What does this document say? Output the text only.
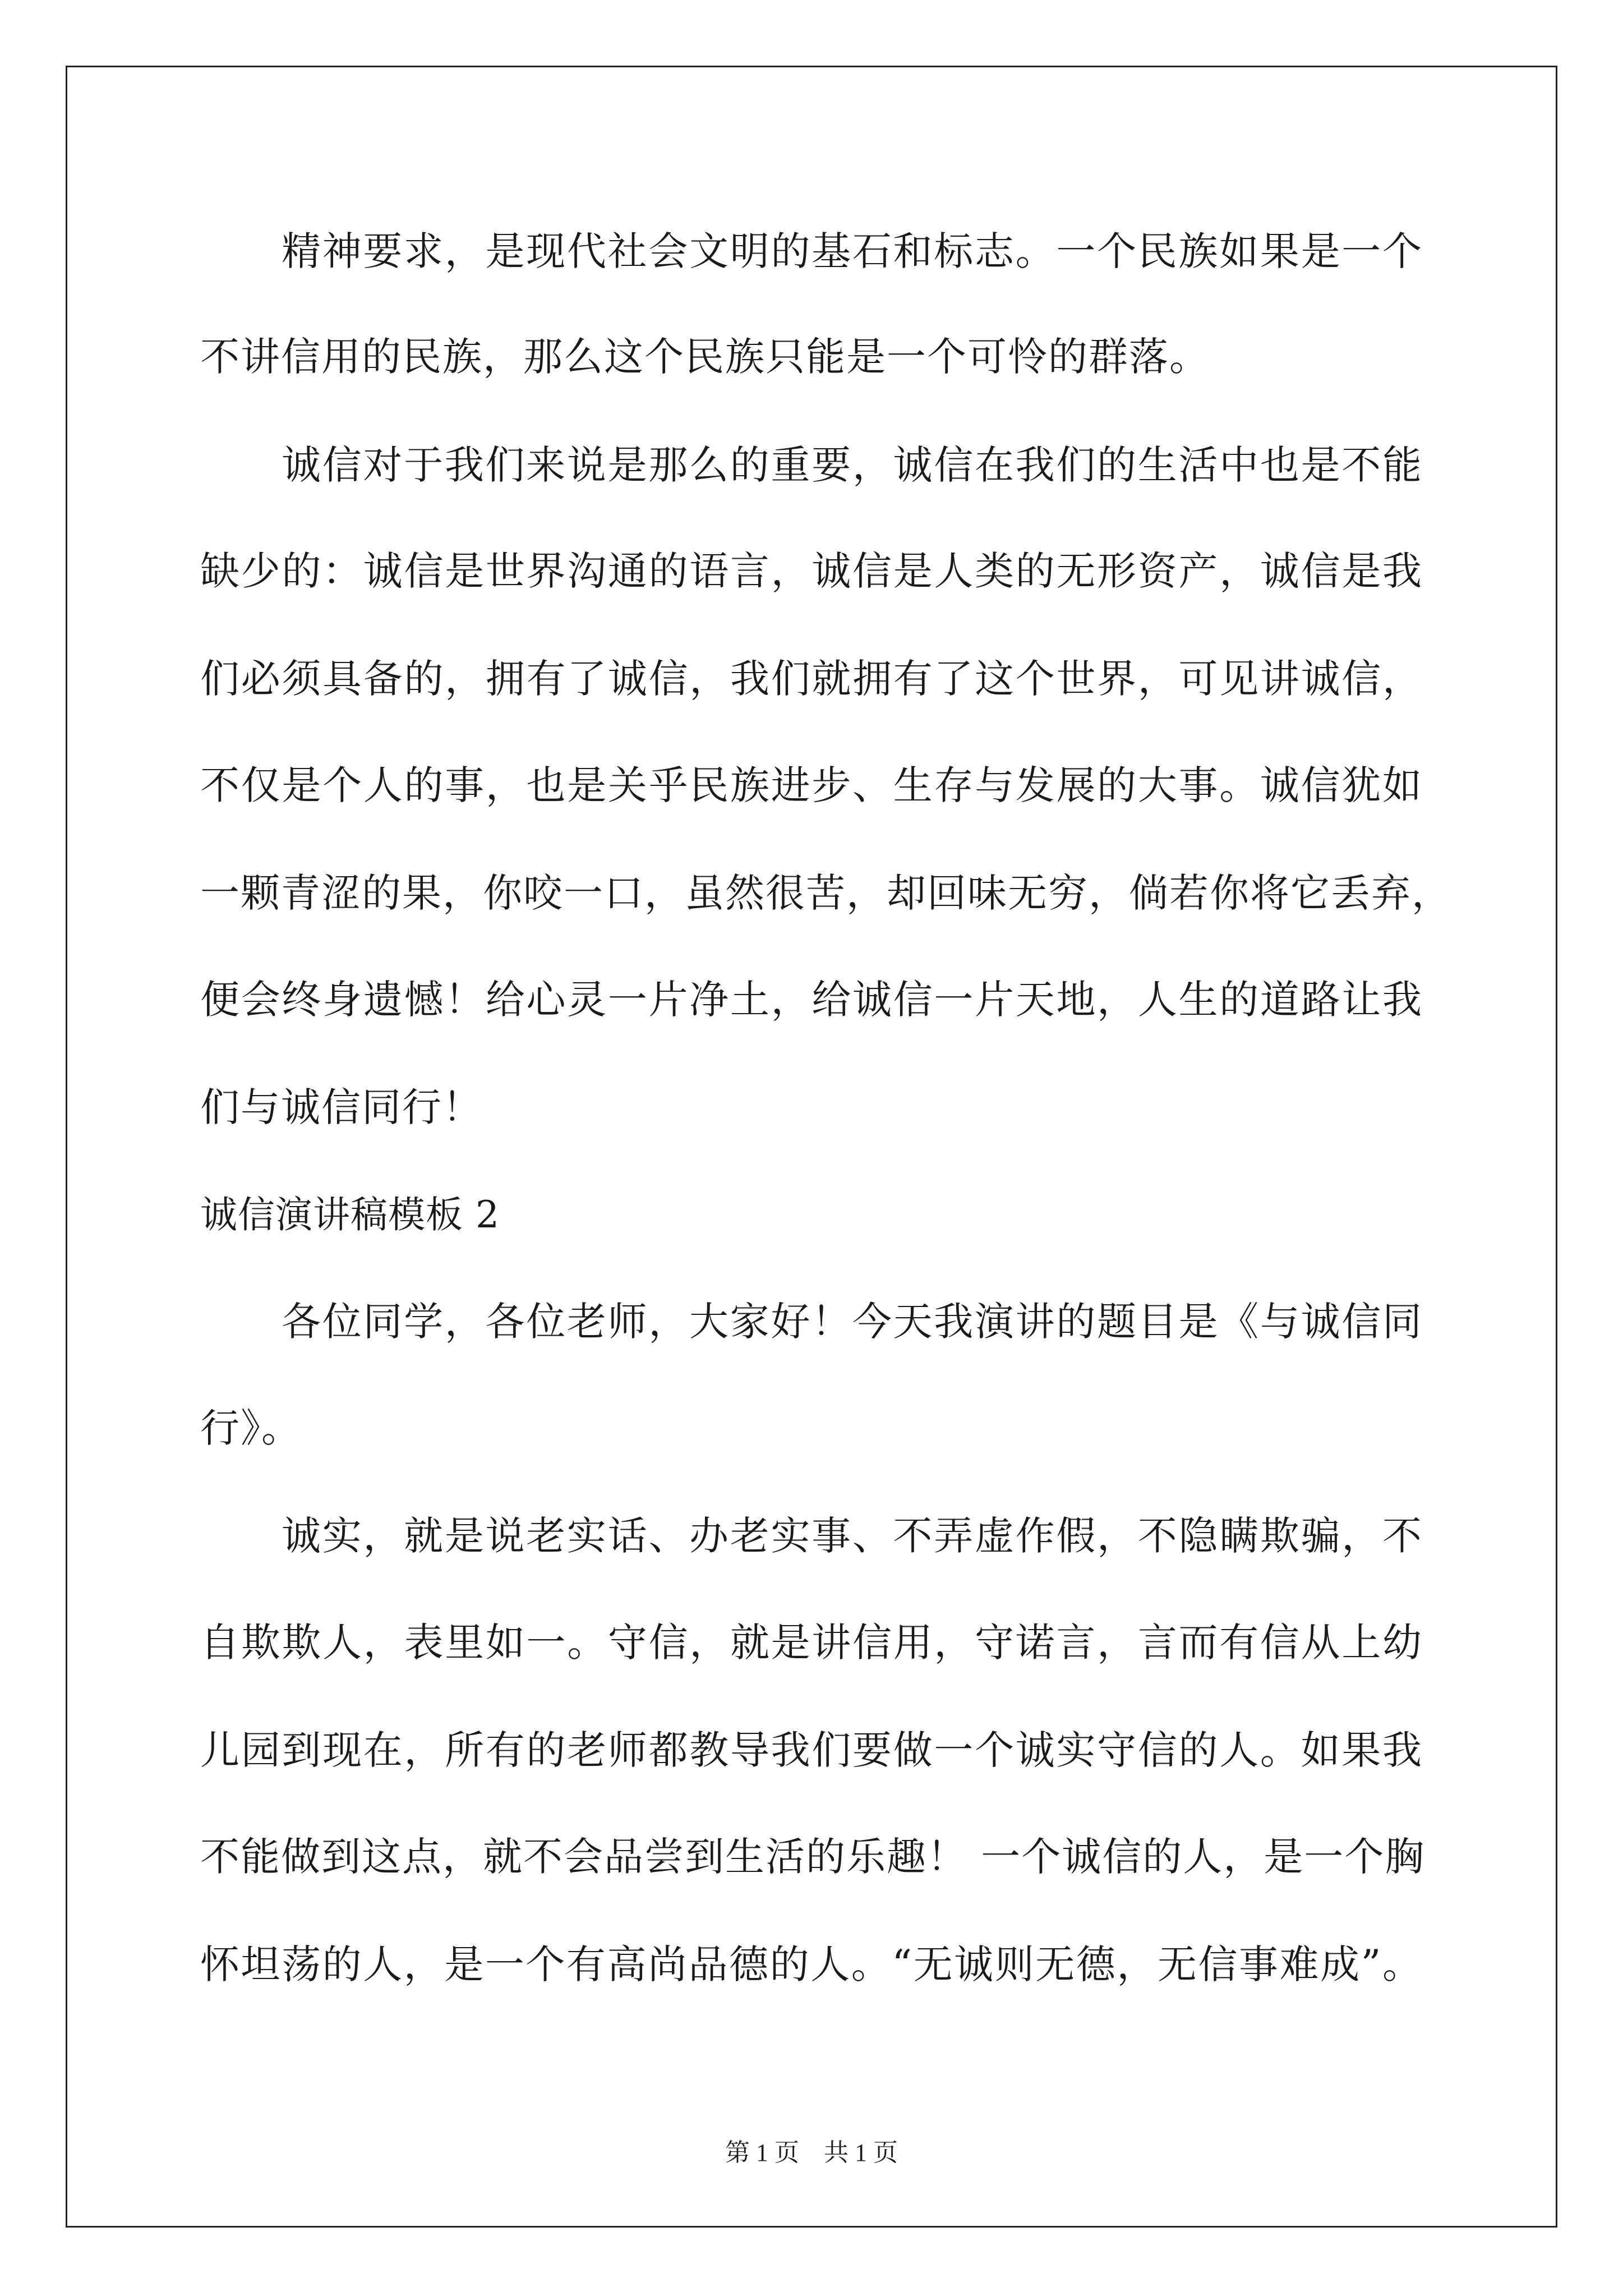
精神要求，是现代社会文明的基石和标志。一个民族如果是一个
不讲信用的民族，那么这个民族只能是一个可怜的群落。
诚信对于我们来说是那么的重要，诚信在我们的生活中也是不能
缺少的：诚信是世界沟通的语言，诚信是人类的无形资产，诚信是我
们必须具备的，拥有了诚信，我们就拥有了这个世界，可见讲诚信，
不仅是个人的事，也是关乎民族进步、生存与发展的大事。诚信犹如
一颗青涩的果，你咬一口，虽然很苦，却回味无穷，倘若你将它丢弃，
便会终身遗憾！给心灵一片净土，给诚信一片天地，人生的道路让我
们与诚信同行！
诚信演讲稿模板 2
各位同学，各位老师，大家好！今天我演讲的题目是《与诚信同
行》。
诚实，就是说老实话、办老实事、不弄虚作假，不隐瞒欺骗，不
自欺欺人，表里如一。守信，就是讲信用，守诺言，言而有信从上幼
儿园到现在，所有的老师都教导我们要做一个诚实守信的人。如果我
不能做到这点，就不会品尝到生活的乐趣！ 一个诚信的人，是一个胸
怀坦荡的人，是一个有高尚品德的人。“无诚则无德，无信事难成”。
第 1 页    共 1 页
